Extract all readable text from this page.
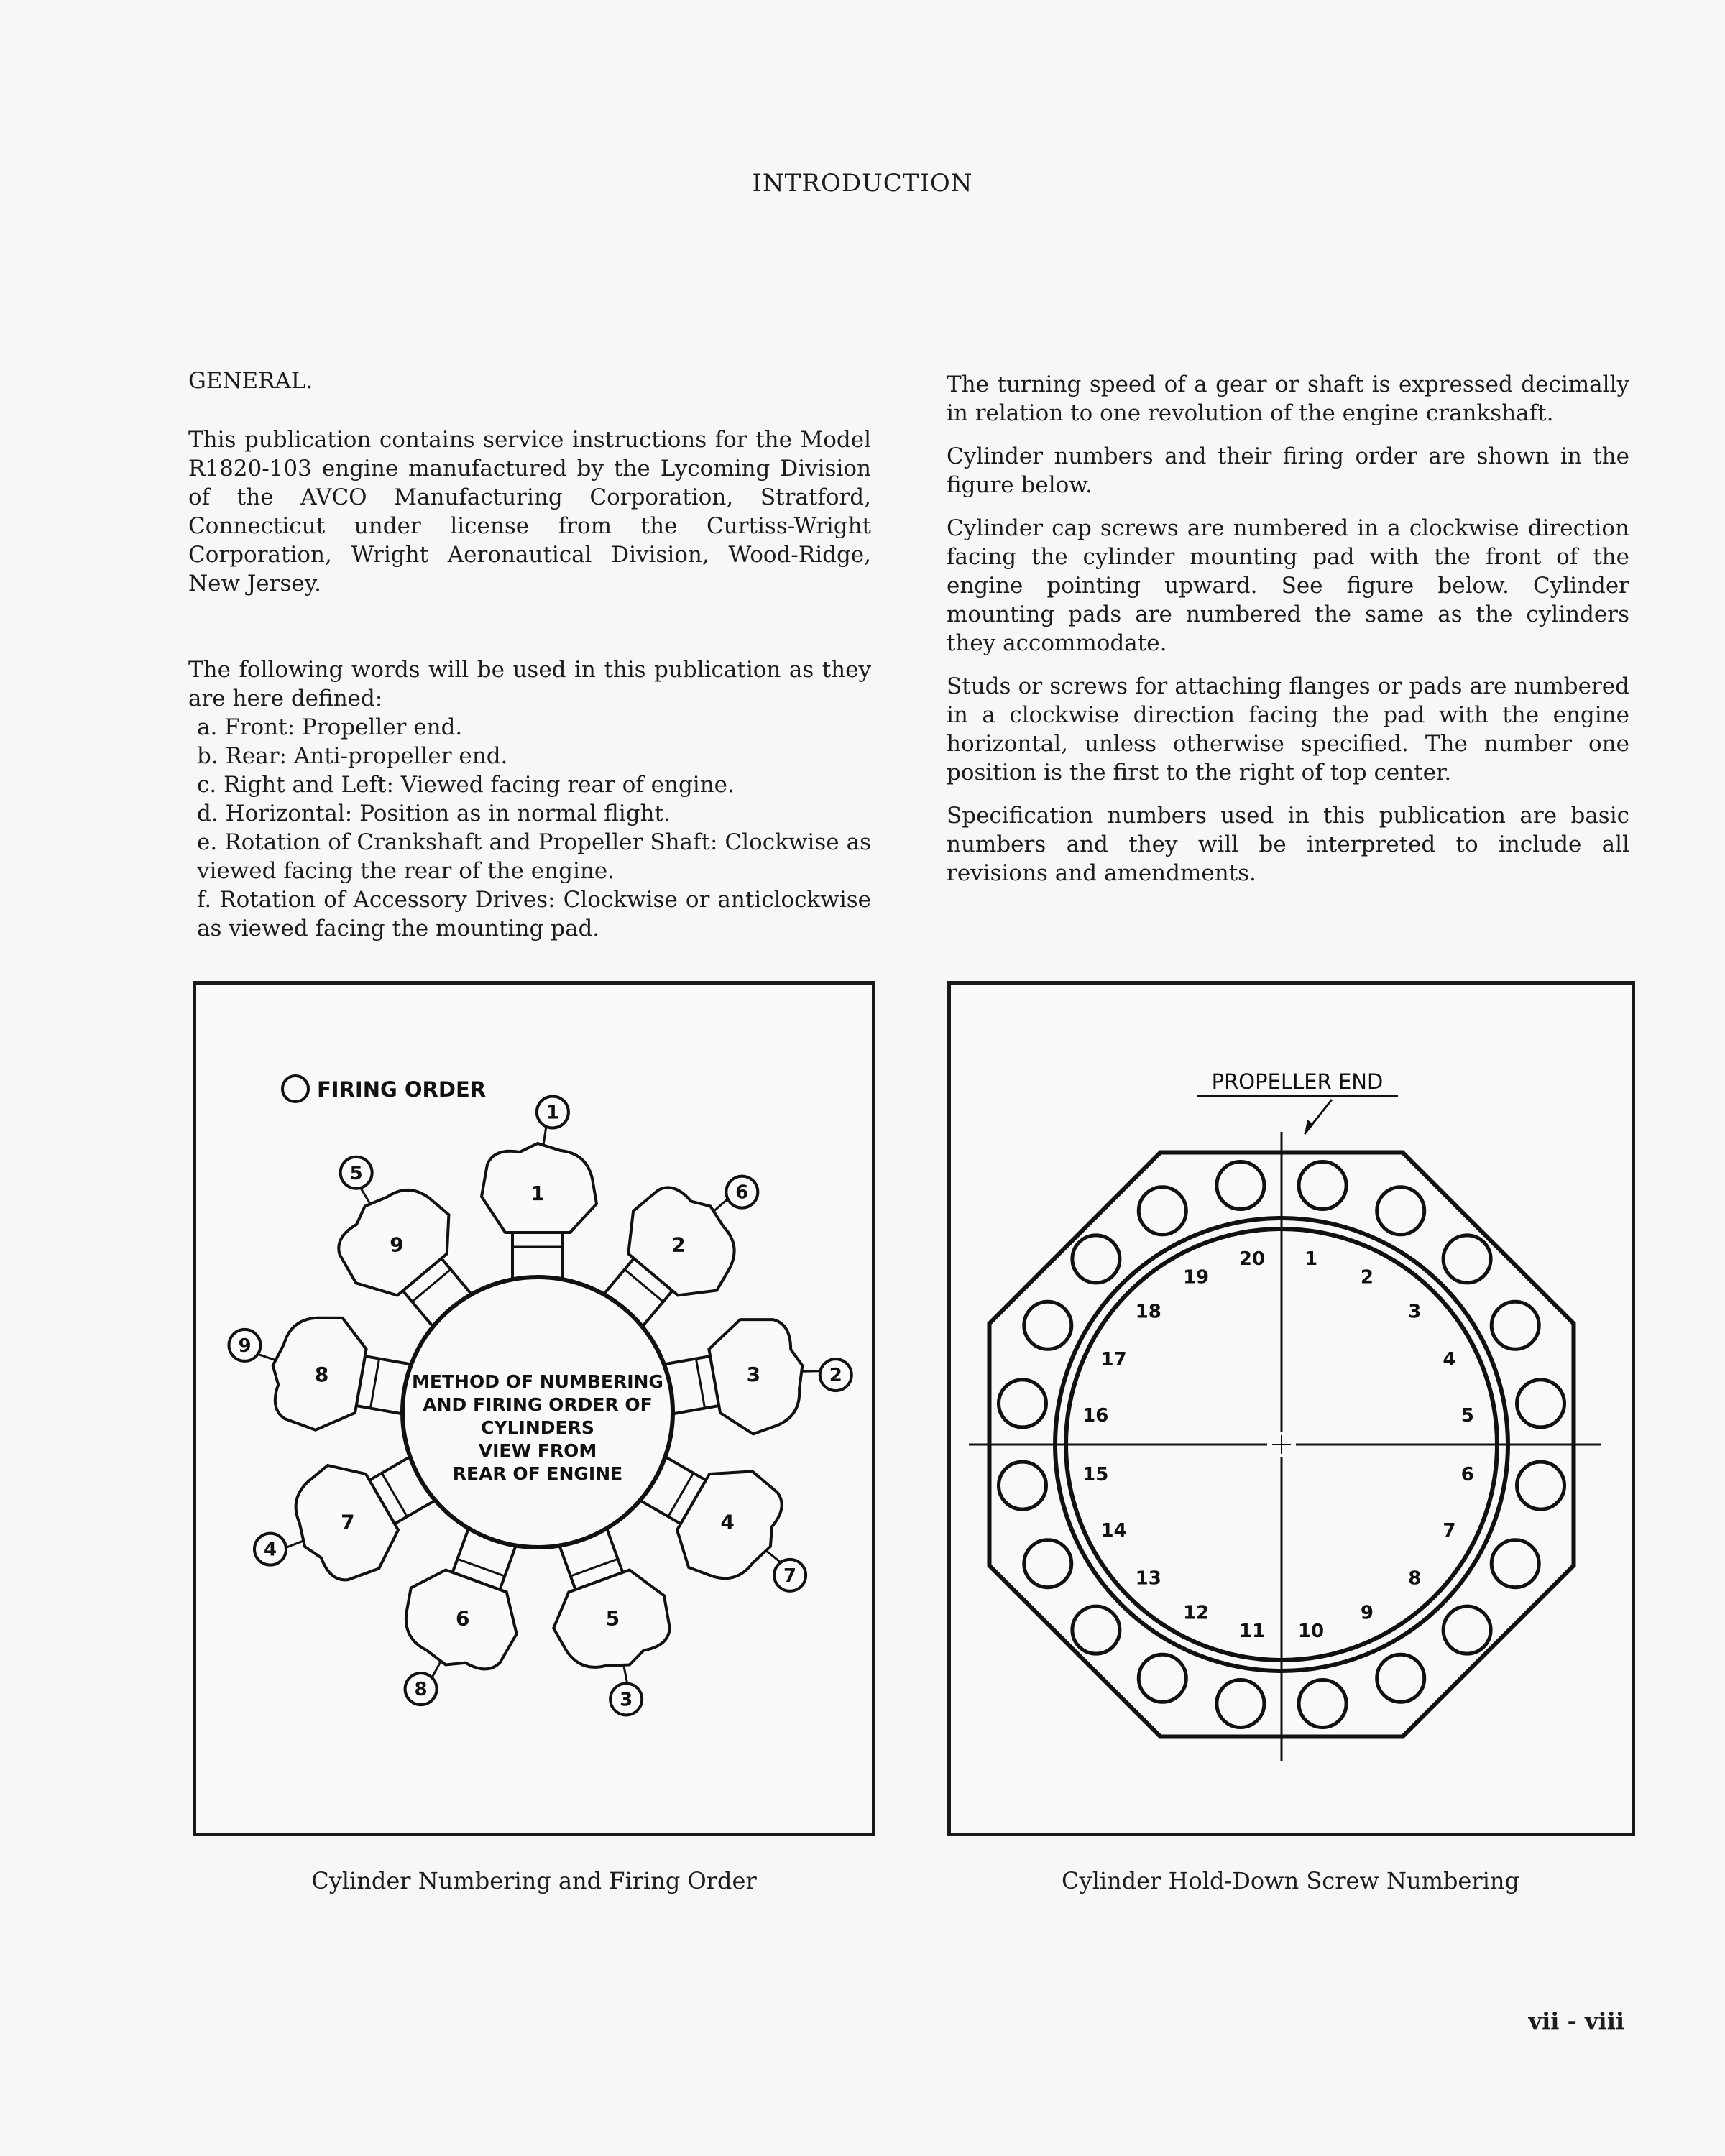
INTRODUCTION

GENERAL.

This publication contains service instructions for the Model R1820-103 engine manufactured by the Lycoming Division of the AVCO Manufacturing Corporation, Stratford, Connecticut under license from the Curtiss-Wright Corporation, Wright Aeronautical Division, Wood-Ridge, New Jersey.

The following words will be used in this publication as they are here defined:

a. Front: Propeller end.
b. Rear: Anti-propeller end.
c. Right and Left: Viewed facing rear of engine.
d. Horizontal: Position as in normal flight.
e. Rotation of Crankshaft and Propeller Shaft: Clockwise as viewed facing the rear of the engine.
f. Rotation of Accessory Drives: Clockwise or anticlockwise as viewed facing the mounting pad.

The turning speed of a gear or shaft is expressed decimally in relation to one revolution of the engine crankshaft.

Cylinder numbers and their firing order are shown in the figure below.

Cylinder cap screws are numbered in a clockwise direction facing the cylinder mounting pad with the front of the engine pointing upward. See figure below. Cylinder mounting pads are numbered the same as the cylinders they accommodate.

Studs or screws for attaching flanges or pads are numbered in a clockwise direction facing the pad with the engine horizontal, unless otherwise specified. The number one position is the first to the right of top center.

Specification numbers used in this publication are basic numbers and they will be interpreted to include all revisions and amendments.

1
1
2
6
3	2
4
7
5
3
6
8
7
4
8
9
9
5
METHOD OF NUMBERING
AND FIRING ORDER OF
CYLINDERS
VIEW FROM
REAR OF ENGINE
FIRING ORDER	PROPELLER END
1
2
3
4
5
6
7
8
9
10
11
12
13
14
15
16
17
18
19
20
Cylinder Numbering and Firing Order	Cylinder Hold-Down Screw Numbering
vii - viii
